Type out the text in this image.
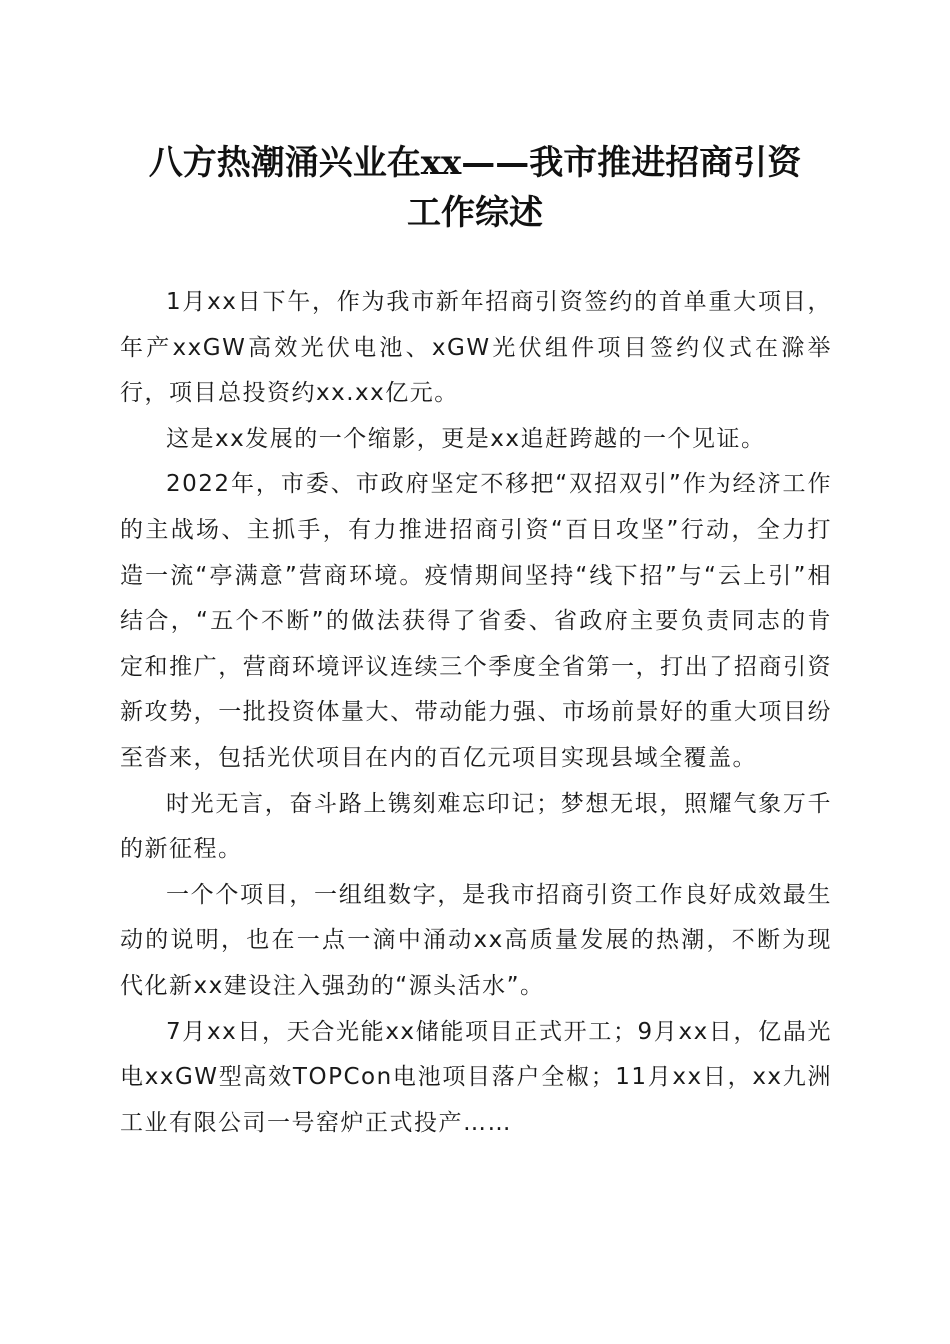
八方热潮涌兴业在xx——我市推进招商引资
工作综述

1月xx日下午，作为我市新年招商引资签约的首单重大项目，年产xxGW高效光伏电池、xGW光伏组件项目签约仪式在滁举行，项目总投资约xx.xx亿元。

这是xx发展的一个缩影，更是xx追赶跨越的一个见证。

2022年，市委、市政府坚定不移把“双招双引”作为经济工作的主战场、主抓手，有力推进招商引资“百日攻坚”行动，全力打造一流“亭满意”营商环境。疫情期间坚持“线下招”与“云上引”相结合，“五个不断”的做法获得了省委、省政府主要负责同志的肯定和推广，营商环境评议连续三个季度全省第一，打出了招商引资新攻势，一批投资体量大、带动能力强、市场前景好的重大项目纷至沓来，包括光伏项目在内的百亿元项目实现县域全覆盖。

时光无言，奋斗路上镌刻难忘印记；梦想无垠，照耀气象万千的新征程。

一个个项目，一组组数字，是我市招商引资工作良好成效最生动的说明，也在一点一滴中涌动xx高质量发展的热潮，不断为现代化新xx建设注入强劲的“源头活水”。

7月xx日，天合光能xx储能项目正式开工；9月xx日，亿晶光电xxGW型高效TOPCon电池项目落户全椒；11月xx日，xx九洲工业有限公司一号窑炉正式投产……
